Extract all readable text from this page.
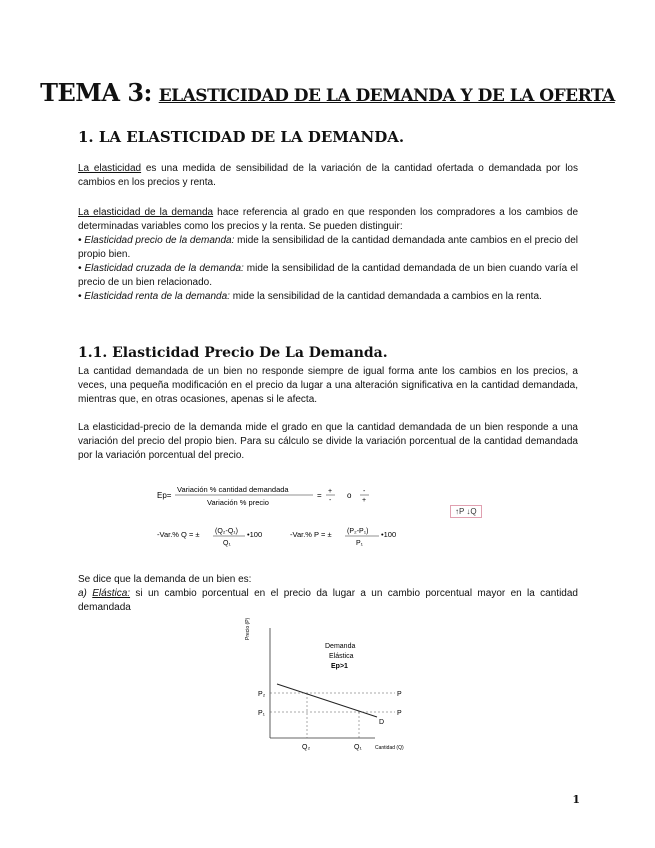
TEMA 3: ELASTICIDAD DE LA DEMANDA Y DE LA OFERTA
1. LA ELASTICIDAD DE LA DEMANDA.
La elasticidad es una medida de sensibilidad de la variación de la cantidad ofertada o demandada por los cambios en los precios y renta.
La elasticidad de la demanda hace referencia al grado en que responden los compradores a los cambios de determinadas variables como los precios y la renta. Se pueden distinguir:
• Elasticidad precio de la demanda: mide la sensibilidad de la cantidad demandada ante cambios en el precio del propio bien.
• Elasticidad cruzada de la demanda: mide la sensibilidad de la cantidad demandada de un bien cuando varía el precio de un bien relacionado.
• Elasticidad renta de la demanda: mide la sensibilidad de la cantidad demandada a cambios en la renta.
1.1. Elasticidad Precio De La Demanda.
La cantidad demandada de un bien no responde siempre de igual forma ante los cambios en los precios, a veces, una pequeña modificación en el precio da lugar a una alteración significativa en la cantidad demandada, mientras que, en otras ocasiones, apenas si le afecta.
La elasticidad-precio de la demanda mide el grado en que la cantidad demandada de un bien responde a una variación del precio del propio bien. Para su cálculo se divide la variación porcentual de la cantidad demandada por la variación porcentual del precio.
Ep=
Variación % cantidad demandada
Variación % precio
= +
-
o -
+
-Var.% Q = ± (Q₂-Q₁)
Q₁
•100	-Var.% P = ± (P₂-P₁)
P₁
•100
↑P ↓Q
Se dice que la demanda de un bien es:
a) Elástica: si un cambio porcentual en el precio da lugar a un cambio porcentual mayor en la cantidad demandada
Precio (P)
Cantidad (Q)
Demanda
Elástica
Ep>1
P₂
P₁
P
P
D
Q₂	Q₁
1
